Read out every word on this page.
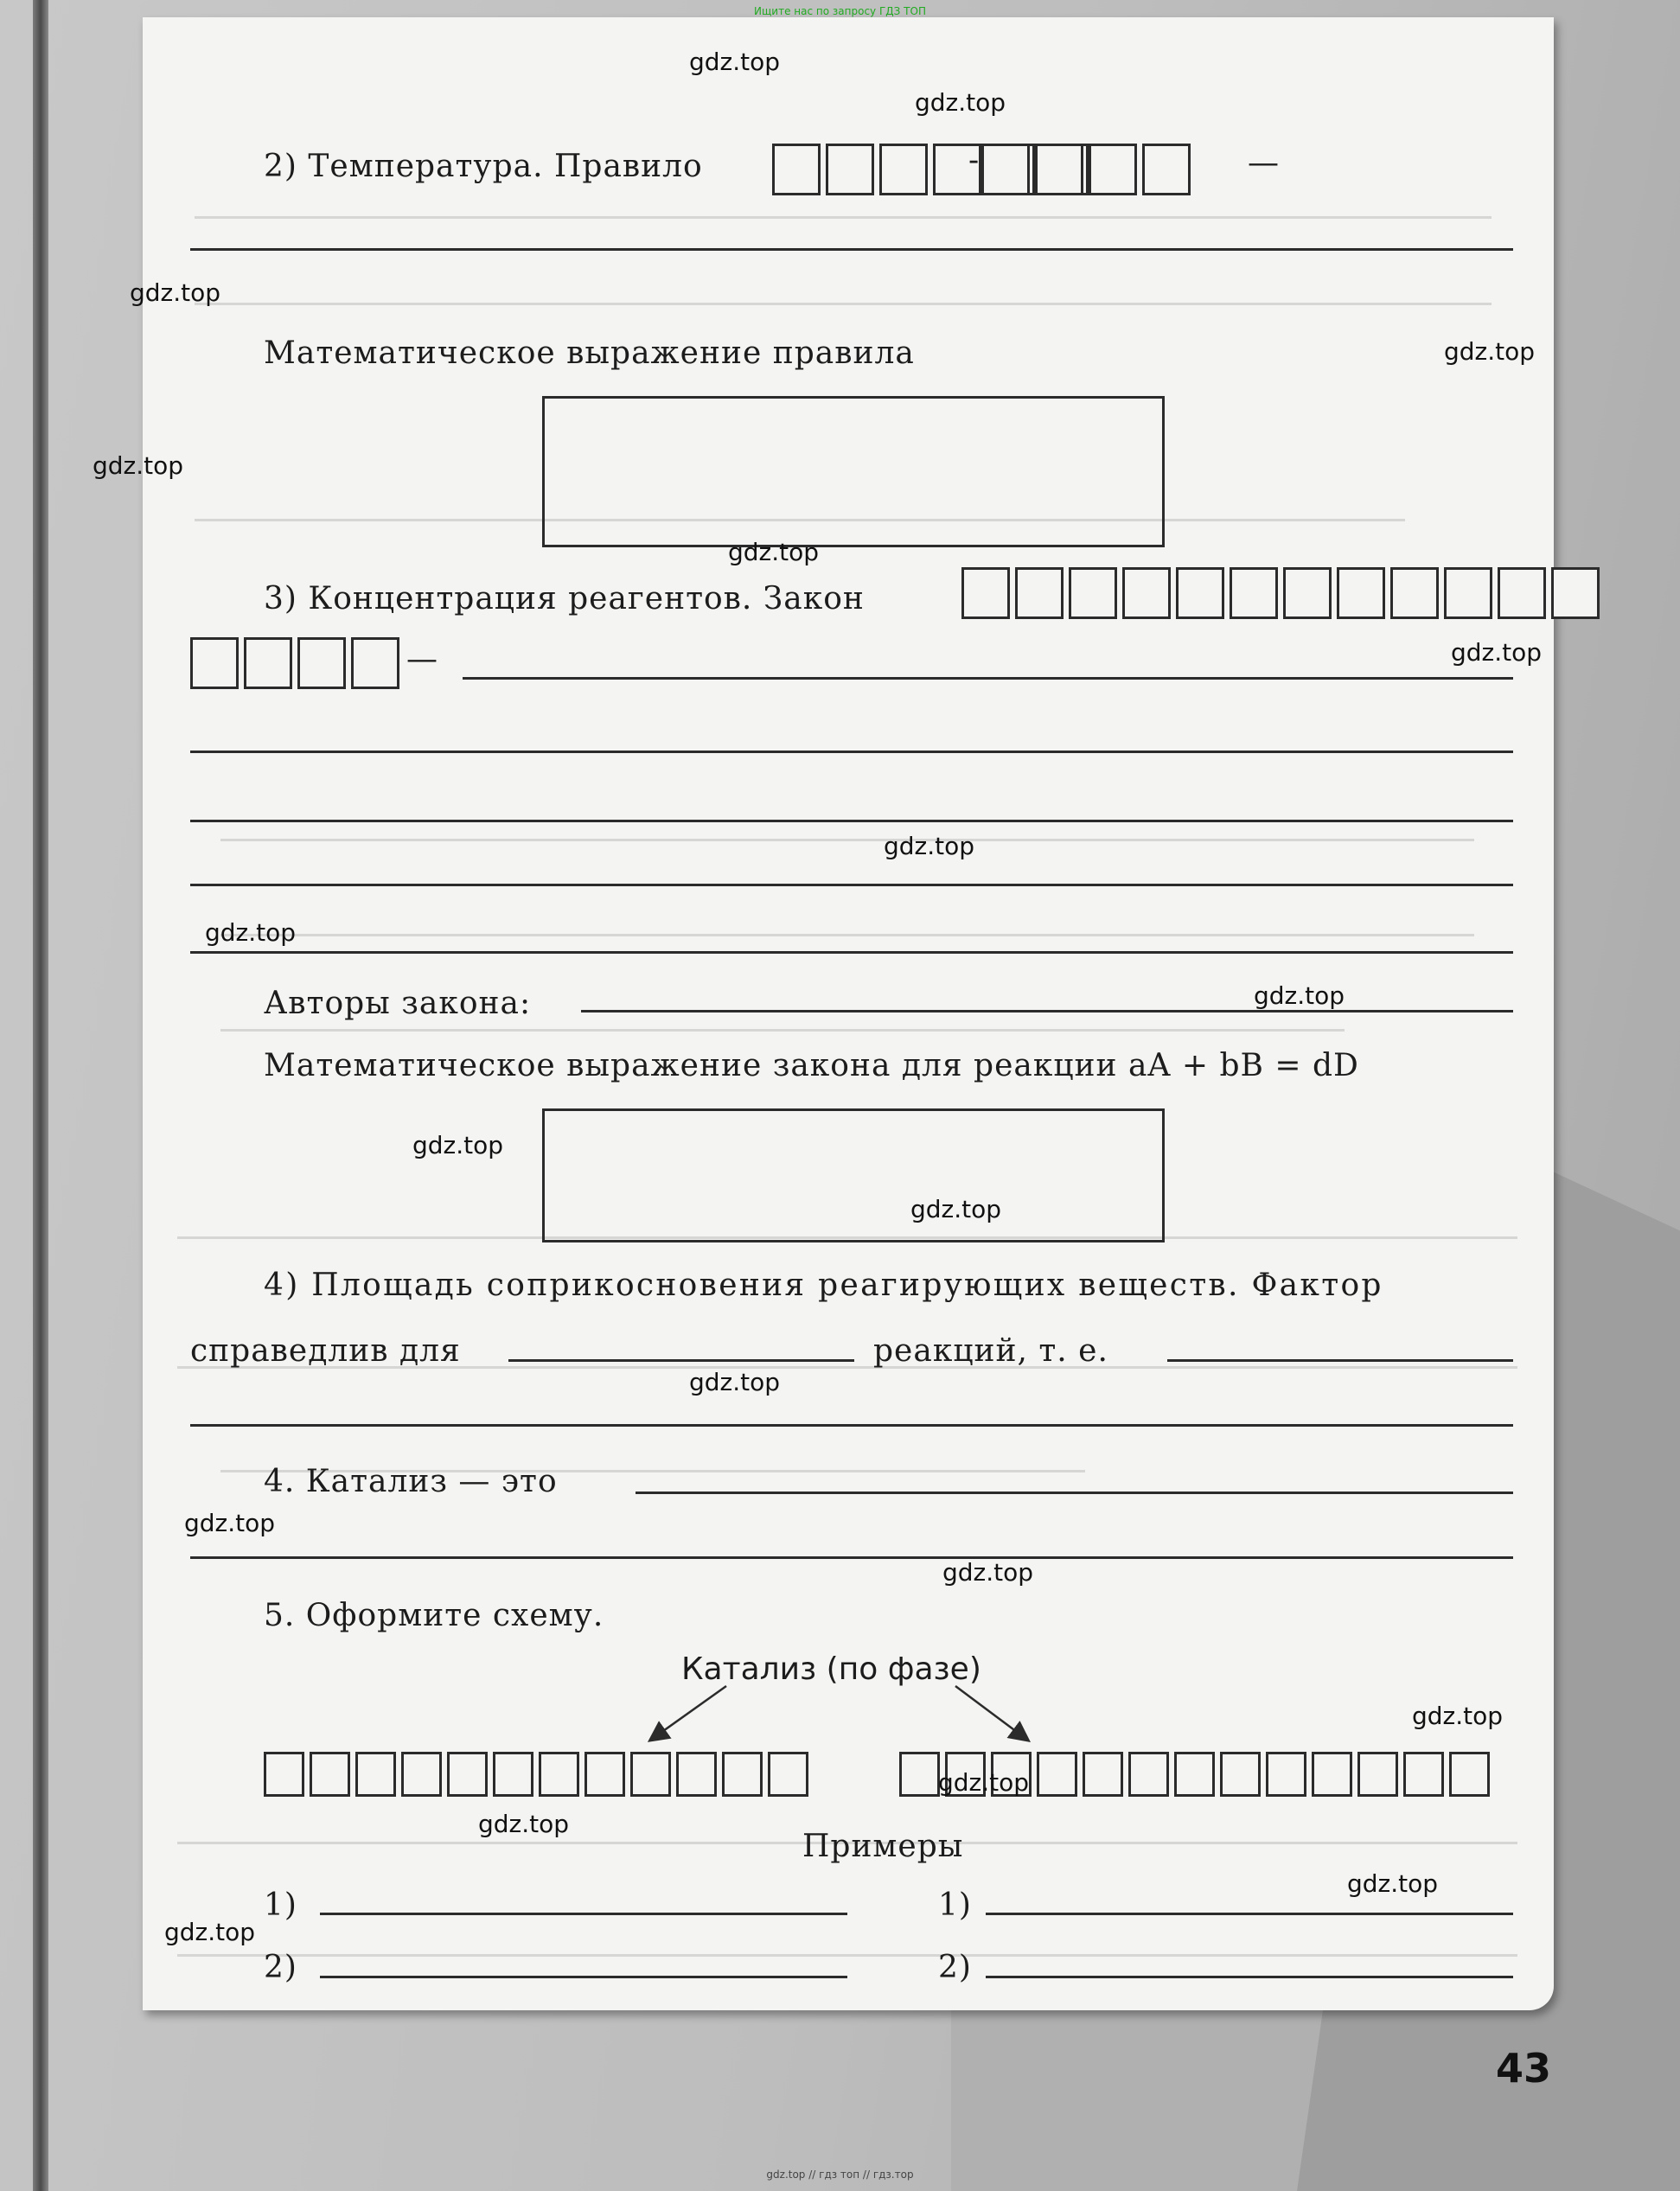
Ищите нас по запросу ГДЗ ТОП
2) Температура. Правило	-	—
Математическое выражение правила
3) Концентрация реагентов. Закон
—
Авторы закона:
Математическое выражение закона для реакции aA + bB = dD
4) Площадь соприкосновения реагирующих веществ. Фактор
справедлив для	реакций, т. е.
4. Катализ — это
5. Оформите схему.
Катализ (по фазе)
Примеры
1)
2)
1)
2)
43
gdz.top
gdz.top
gdz.top
gdz.top
gdz.top
gdz.top
gdz.top
gdz.top
gdz.top
gdz.top
gdz.top
gdz.top
gdz.top
gdz.top
gdz.top
gdz.top
gdz.top
gdz.top
gdz.top
gdz.top
gdz.top // гдз топ // гдз.тор
